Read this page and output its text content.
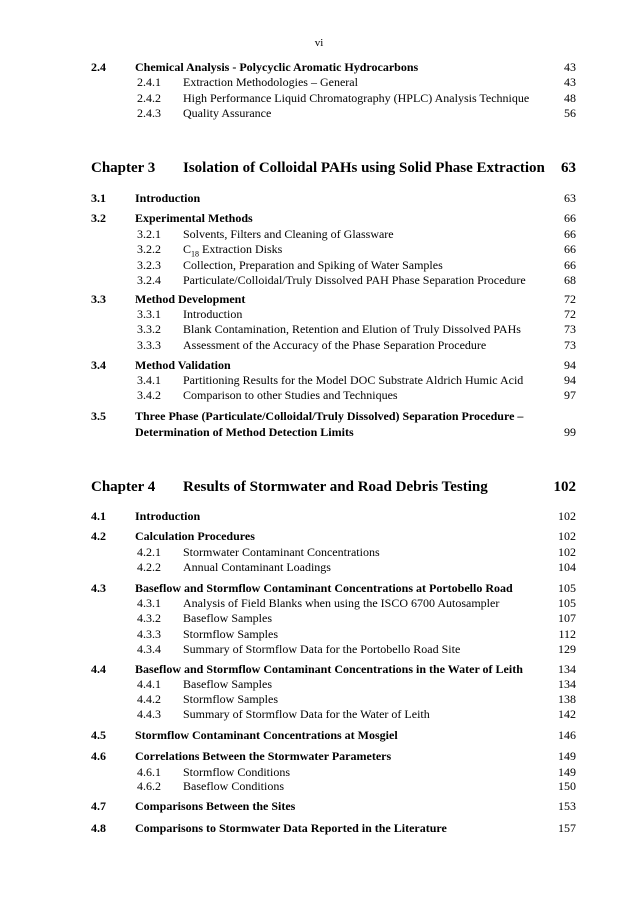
vi
2.4 Chemical Analysis - Polycyclic Aromatic Hydrocarbons	43
2.4.1 Extraction Methodologies – General	43
2.4.2 High Performance Liquid Chromatography (HPLC) Analysis Technique	48
2.4.3 Quality Assurance	56
Chapter 3 Isolation of Colloidal PAHs using Solid Phase Extraction 63
3.1 Introduction	63
3.2 Experimental Methods	66
3.2.1 Solvents, Filters and Cleaning of Glassware	66
3.2.2 $C_{18}$ Extraction Disks	66
3.2.3 Collection, Preparation and Spiking of Water Samples	66
3.2.4 Particulate/Colloidal/Truly Dissolved PAH Phase Separation Procedure	68
3.3 Method Development	72
3.3.1 Introduction	72
3.3.2 Blank Contamination, Retention and Elution of Truly Dissolved PAHs	73
3.3.3 Assessment of the Accuracy of the Phase Separation Procedure	73
3.4 Method Validation	94
3.4.1 Partitioning Results for the Model DOC Substrate Aldrich Humic Acid	94
3.4.2 Comparison to other Studies and Techniques	97
3.5 Three Phase (Particulate/Colloidal/Truly Dissolved) Separation Procedure –
Determination of Method Detection Limits	99
Chapter 4 Results of Stormwater and Road Debris Testing	102
4.1 Introduction	102
4.2 Calculation Procedures	102
4.2.1 Stormwater Contaminant Concentrations	102
4.2.2 Annual Contaminant Loadings	104
4.3 Baseflow and Stormflow Contaminant Concentrations at Portobello Road	105
4.3.1 Analysis of Field Blanks when using the ISCO 6700 Autosampler	105
4.3.2 Baseflow Samples	107
4.3.3 Stormflow Samples	112
4.3.4 Summary of Stormflow Data for the Portobello Road Site	129
4.4 Baseflow and Stormflow Contaminant Concentrations in the Water of Leith	134
4.4.1 Baseflow Samples	134
4.4.2 Stormflow Samples	138
4.4.3 Summary of Stormflow Data for the Water of Leith	142
4.5 Stormflow Contaminant Concentrations at Mosgiel	146
4.6 Correlations Between the Stormwater Parameters	149
4.6.1 Stormflow Conditions	149
4.6.2 Baseflow Conditions	150
4.7 Comparisons Between the Sites	153
4.8 Comparisons to Stormwater Data Reported in the Literature	157
